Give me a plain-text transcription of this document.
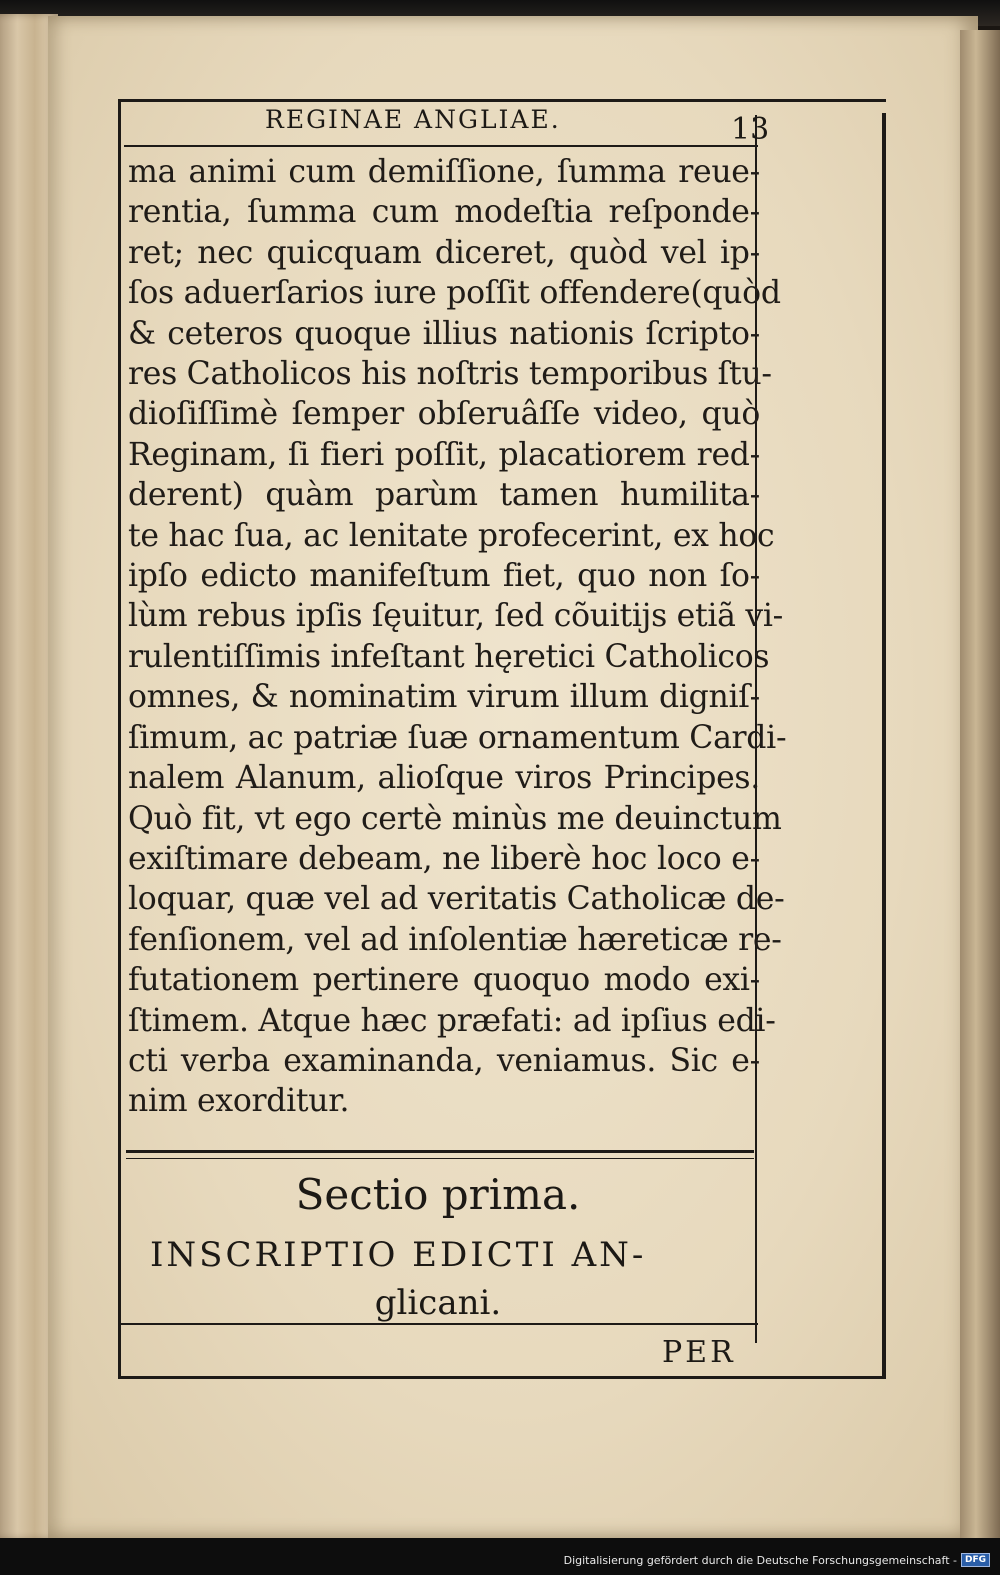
REGINAE ANGLIAE.	13
ma animi cum demiſſione, ſumma reue-
rentia, ſumma cum modeſtia reſponde-
ret; nec quicquam diceret, quòd vel ip-
ſos aduerſarios iure poſſit offendere(quòd
& ceteros quoque illius nationis ſcripto-
res Catholicos his noſtris temporibus ſtu-
dioſiſſimè ſemper obſeruâſſe video, quò
Reginam, ſi fieri poſſit, placatiorem red-
derent) quàm parùm tamen humilita-
te hac ſua, ac lenitate profecerint, ex hoc
ipſo edicto manifeſtum fiet, quo non ſo-
lùm rebus ipſis ſęuitur, ſed cõuitijs etiã vi-
rulentiſſimis infeſtant hęretici Catholicos
omnes, & nominatim virum illum digniſ-
ſimum, ac patriæ ſuæ ornamentum Cardi-
nalem Alanum, alioſque viros Principes.
Quò fit, vt ego certè minùs me deuinctum
exiſtimare debeam, ne liberè hoc loco e-
loquar, quæ vel ad veritatis Catholicæ de-
fenſionem, vel ad inſolentiæ hæreticæ re-
futationem pertinere quoquo modo exi-
ſtimem. Atque hæc præfati: ad ipſius edi-
cti verba examinanda, veniamus. Sic e-
nim exorditur.
Sectio prima.
INSCRIPTIO EDICTI AN-
glicani.
PER
Digitalisierung gefördert durch die Deutsche Forschungsgemeinschaft - DFG
